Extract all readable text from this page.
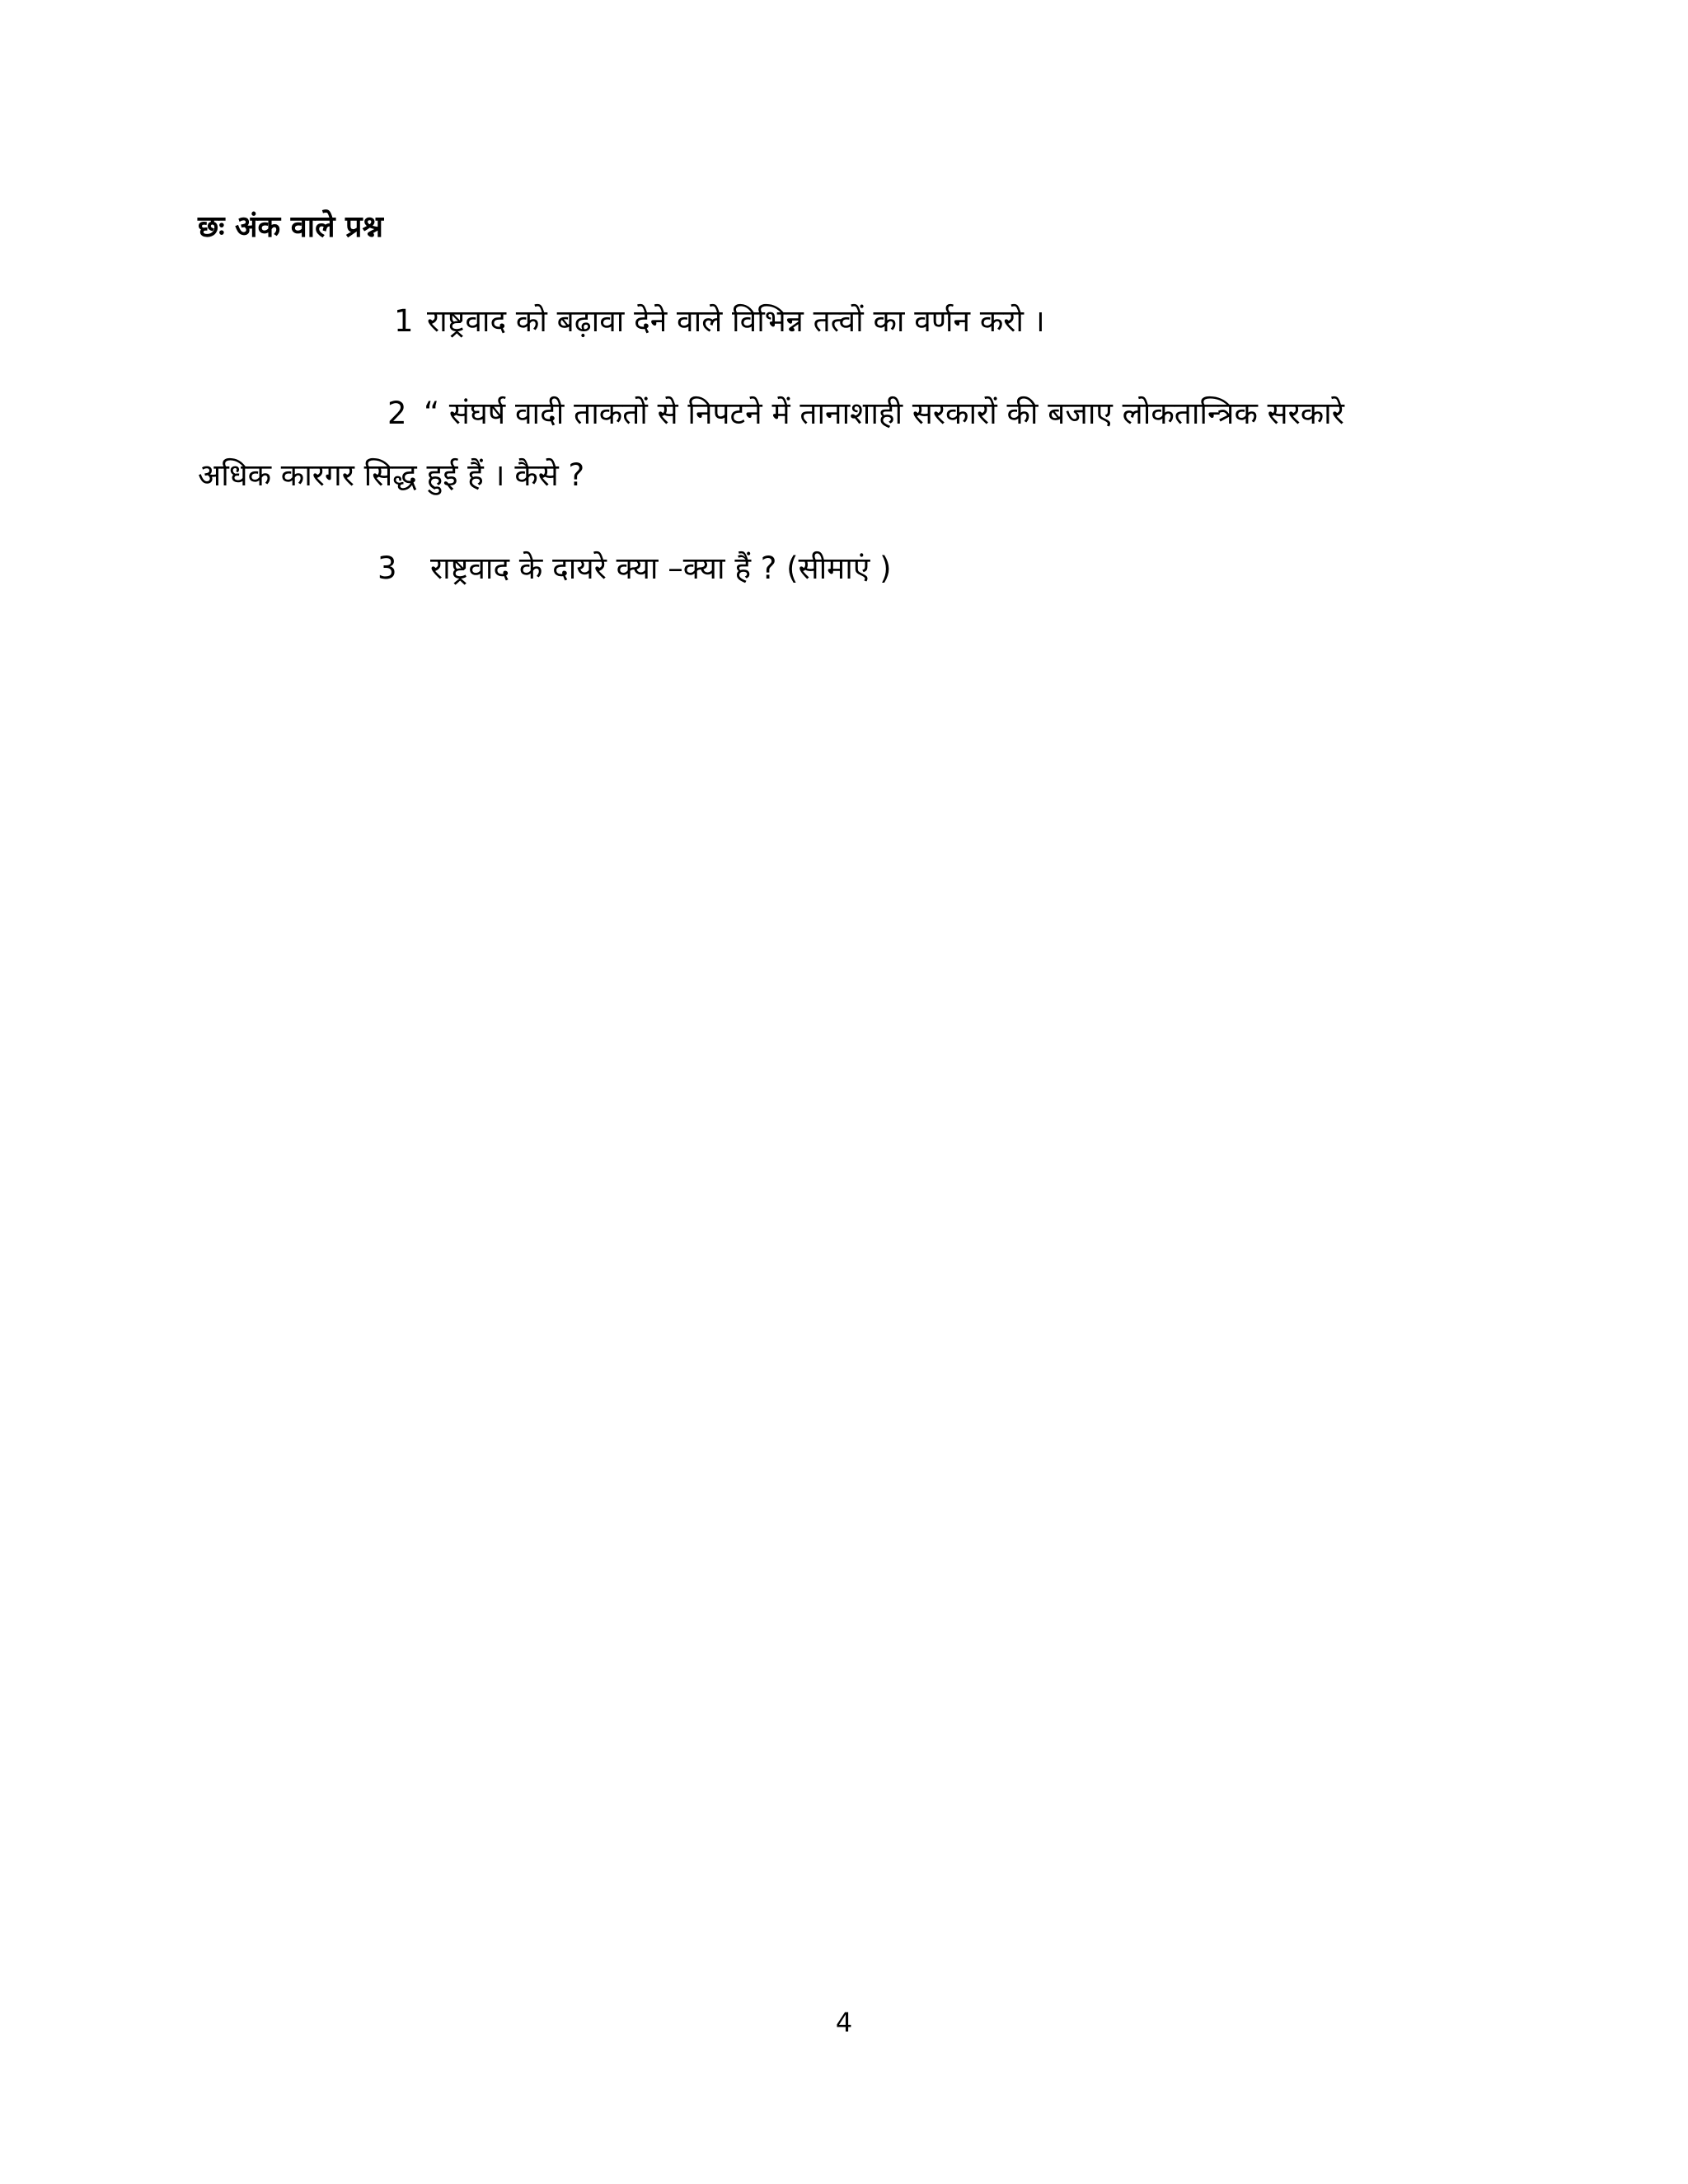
छः अंक वाले प्रश्न
1 राष्ट्रवाद को बढ़ावा देने वाले विभिन्न तत्वों का वर्णन करो ।
2 “ संघर्ष वादी ताकतों से निपटने में तानाशाही सरकारों की बजाए लोकतान्त्रिक सरकारे
अधिक कारगर सिद्ध हुई हैं । कैसे ?
3 राष्ट्रवाद के दायरे क्या –क्या हैं ? (सीमाएं )
4
